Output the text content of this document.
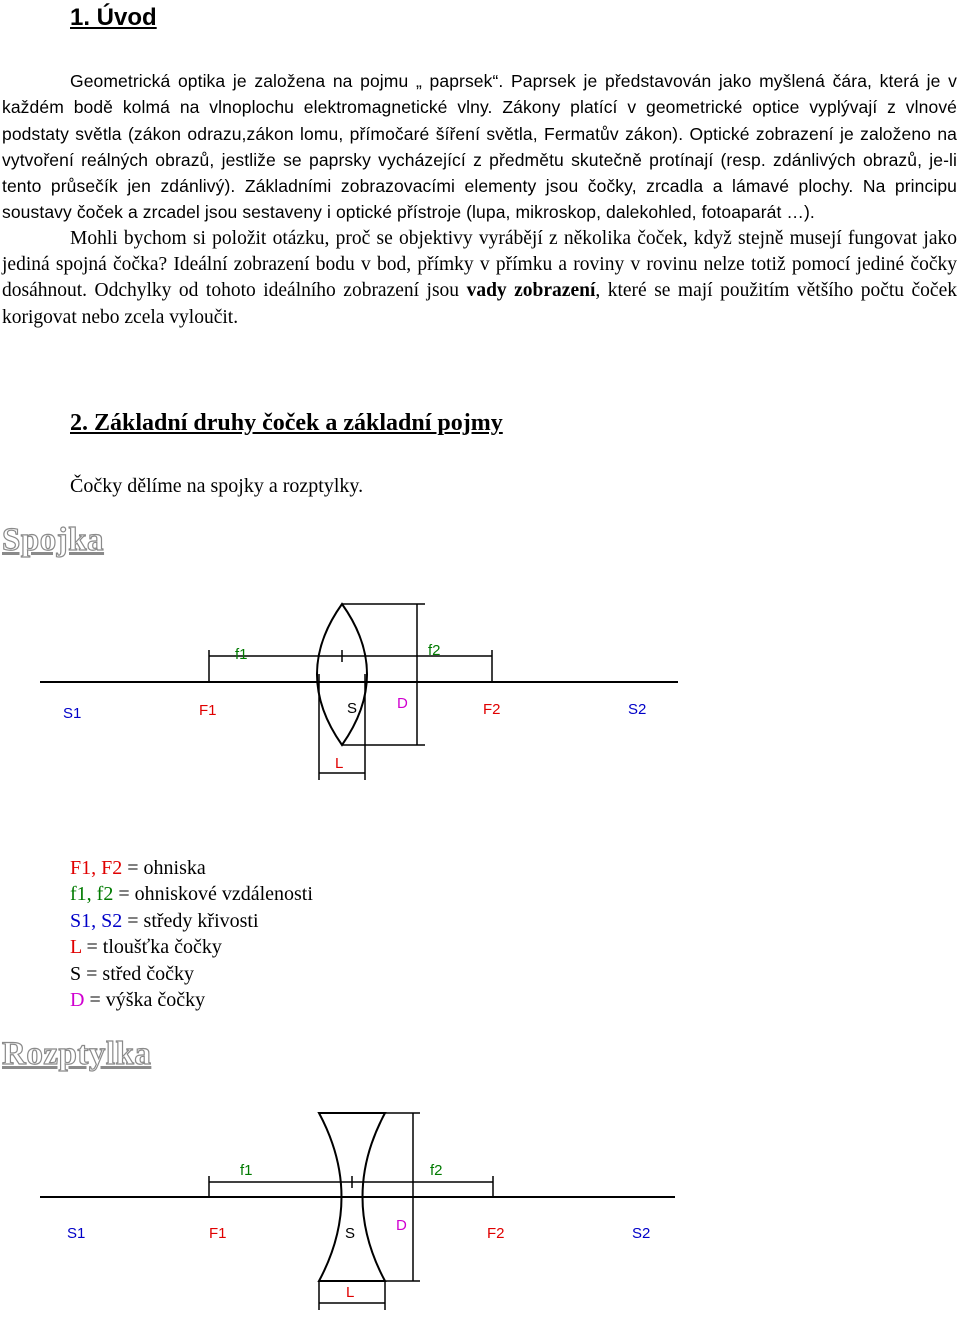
1. Úvod

Geometrická optika je založena na pojmu „ paprsek“. Paprsek je představován jako myšlená čára, která je v každém bodě kolmá na vlnoplochu elektromagnetické vlny. Zákony platící v geometrické optice vyplývají z vlnové podstaty světla (zákon odrazu,zákon lomu, přímočaré šíření světla, Fermatův zákon). Optické zobrazení je založeno na vytvoření reálných obrazů, jestliže se paprsky vycházející z předmětu skutečně protínají (resp. zdánlivých obrazů, je-li tento průsečík jen zdánlivý). Základními zobrazovacími elementy jsou čočky, zrcadla a lámavé plochy. Na principu soustavy čoček a zrcadel jsou sestaveny i optické přístroje (lupa, mikroskop, dalekohled, fotoaparát …).

Mohli bychom si položit otázku, proč se objektivy vyrábějí z několika čoček, když stejně musejí fungovat jako jediná spojná čočka? Ideální zobrazení bodu v bod, přímky v přímku a roviny v rovinu nelze totiž pomocí jediné čočky dosáhnout. Odchylky od tohoto ideálního zobrazení jsou vady zobrazení, které se mají použitím většího počtu čoček korigovat nebo zcela vyloučit.

2. Základní druhy čoček a základní pojmy
Čočky dělíme na spojky a rozptylky.
Spojka
f1	f2
S1	F1	S	D	F2	S2
L
F1, F2 = ohniska
f1, f2 = ohniskové vzdálenosti
S1, S2 = středy křivosti
L = tloušťka čočky
S = střed čočky
D = výška čočky
Rozptylka
f1	f2
S1	F1	S	D	F2	S2
L
